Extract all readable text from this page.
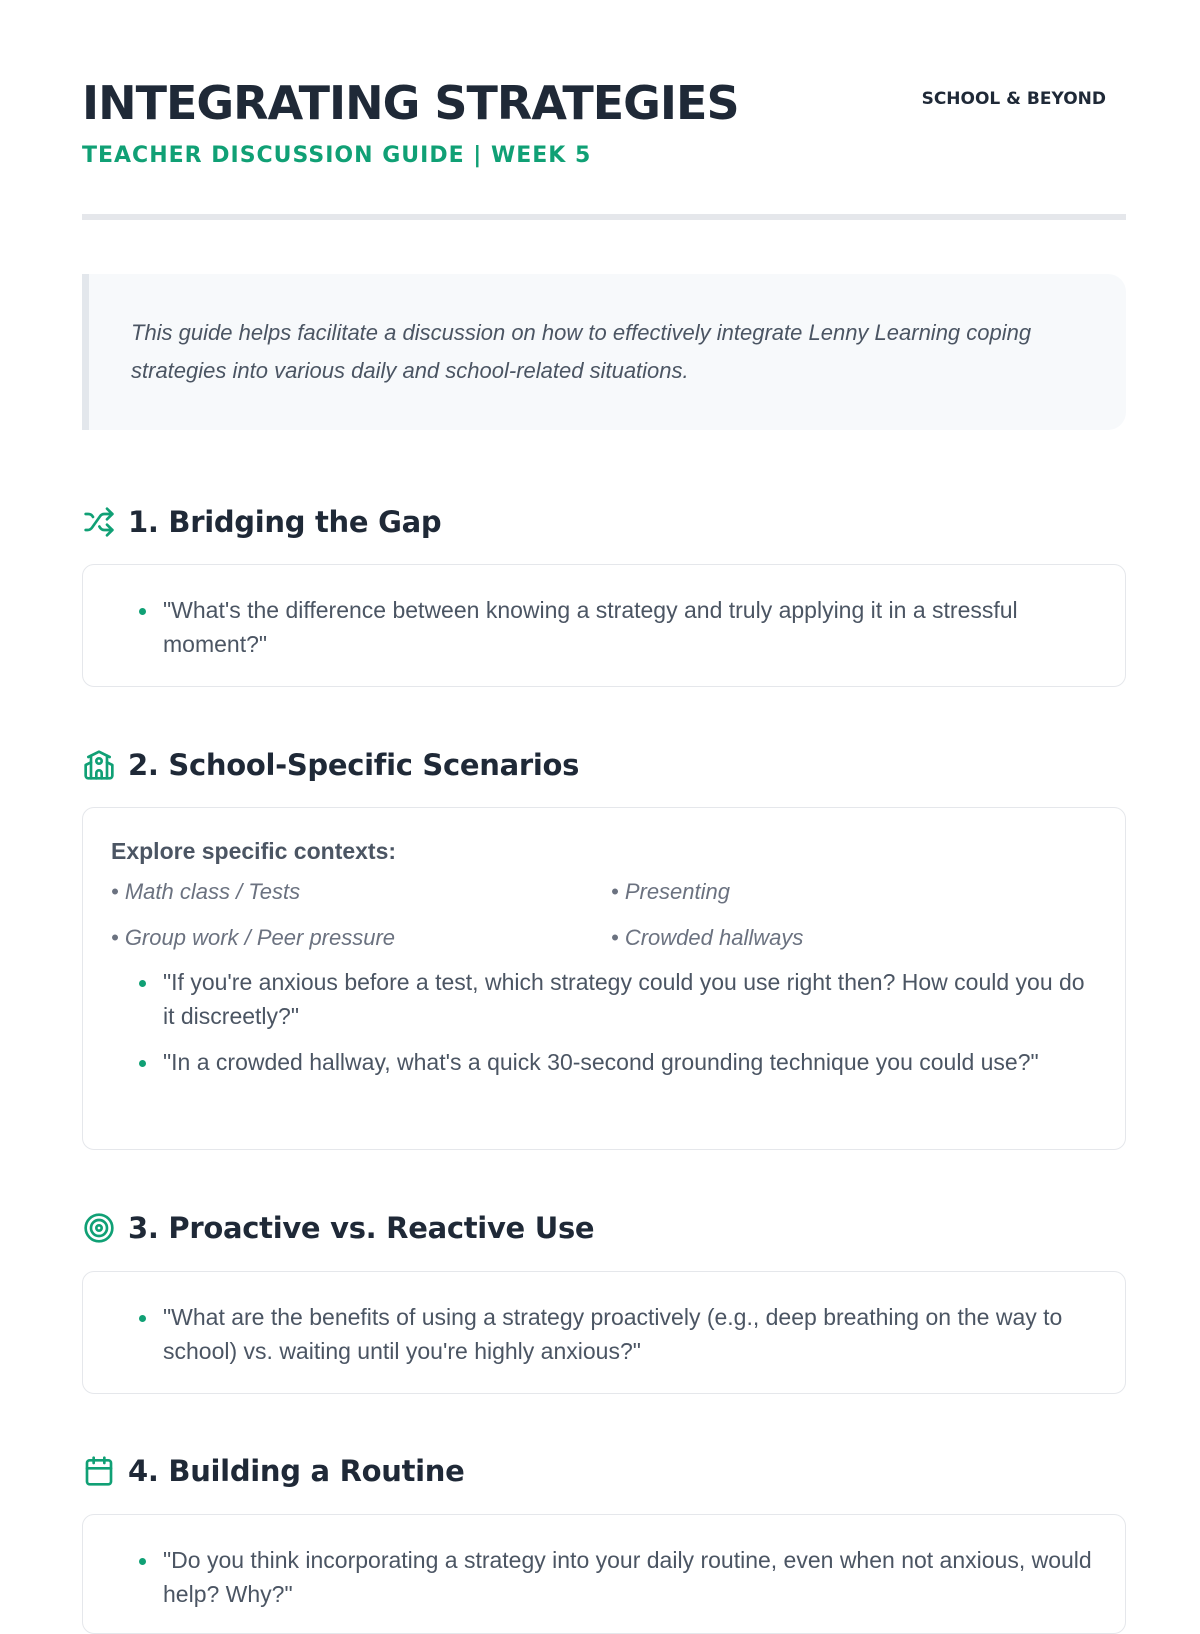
INTEGRATING STRATEGIES
TEACHER DISCUSSION GUIDE | WEEK 5
SCHOOL & BEYOND
This guide helps facilitate a discussion on how to effectively integrate Lenny Learning coping strategies into various daily and school-related situations.
1. Bridging the Gap
"What's the difference between knowing a strategy and truly applying it in a stressful moment?"
2. School-Specific Scenarios
Explore specific contexts:
• Math class / Tests	• Presenting
• Group work / Peer pressure	• Crowded hallways
"If you're anxious before a test, which strategy could you use right then? How could you do it discreetly?"
"In a crowded hallway, what's a quick 30-second grounding technique you could use?"
3. Proactive vs. Reactive Use
"What are the benefits of using a strategy proactively (e.g., deep breathing on the way to school) vs. waiting until you're highly anxious?"
4. Building a Routine
"Do you think incorporating a strategy into your daily routine, even when not anxious, would help? Why?"
